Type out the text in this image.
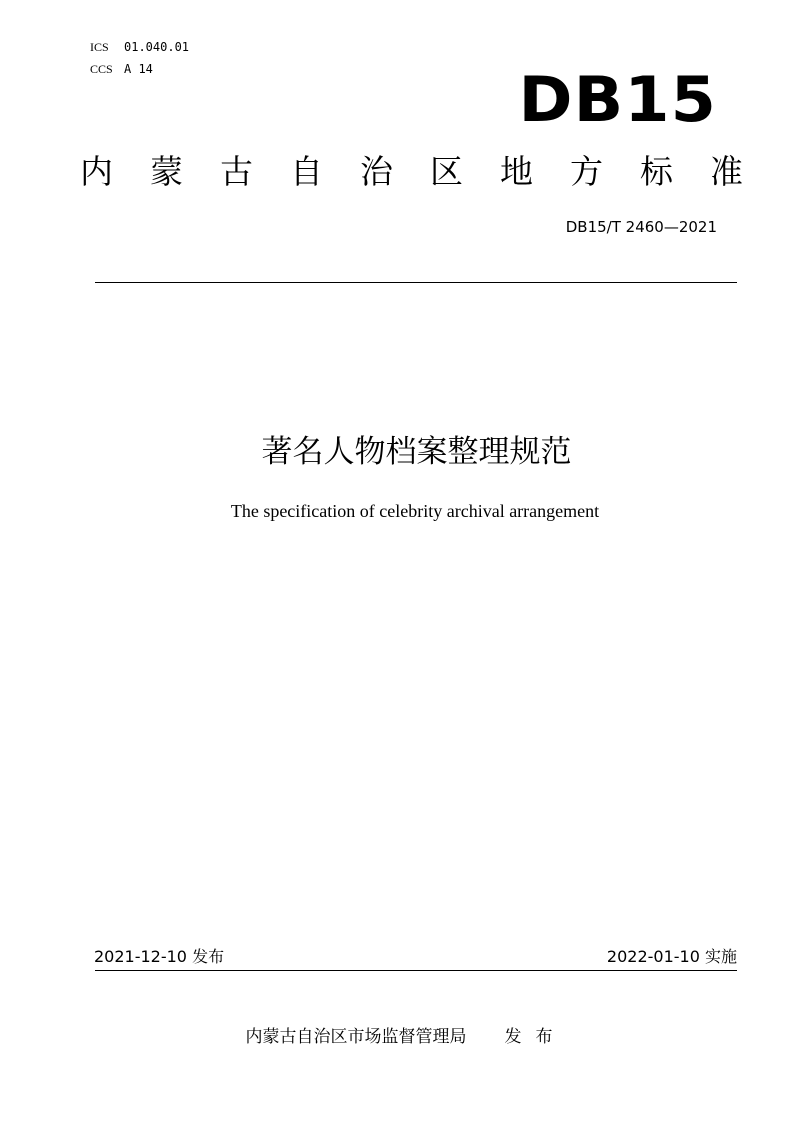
ICS 01.040.01
CCS A 14	DB15
内 蒙 古 自 治 区 地 方 标 准
DB15/T 2460—2021
著名人物档案整理规范
The specification of celebrity archival arrangement
2021-12-10 发布	2022-01-10 实施
内蒙古自治区市场监督管理局 发布
